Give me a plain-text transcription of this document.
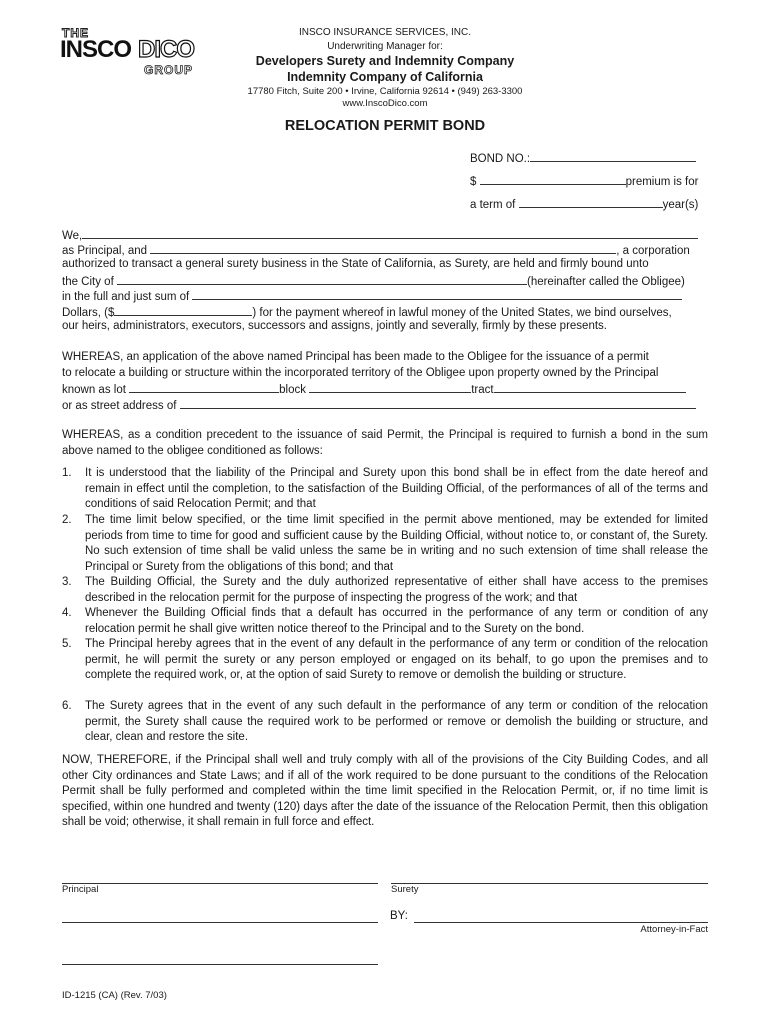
THE
INSCO DICO
GROUP
INSCO INSURANCE SERVICES, INC.
Underwriting Manager for:
Developers Surety and Indemnity Company
Indemnity Company of California
17780 Fitch, Suite 200 • Irvine, California 92614 • (949) 263-3300
www.InscoDico.com
RELOCATION PERMIT BOND
BOND NO.:
$	premium is for
a term of	year(s)
We,
as Principal, and	, a corporation
authorized to transact a general surety business in the State of California, as Surety, are held and firmly bound unto
the City of	(hereinafter called the Obligee)
in the full and just sum of
Dollars, ($	) for the payment whereof in lawful money of the United States, we bind ourselves,
our heirs, administrators, executors, successors and assigns, jointly and severally, firmly by these presents.
WHEREAS, an application of the above named Principal has been made to the Obligee for the issuance of a permit
to relocate a building or structure within the incorporated territory of the Obligee upon property owned by the Principal
known as lot	block	tract
or as street address of
WHEREAS, as a condition precedent to the issuance of said Permit, the Principal is required to furnish a bond in the sum above named to the obligee conditioned as follows:
1.	It is understood that the liability of the Principal and Surety upon this bond shall be in effect from the date hereof and remain in effect until the completion, to the satisfaction of the Building Official, of the performances of all of the terms and conditions of said Relocation Permit; and that
2.	The time limit below specified, or the time limit specified in the permit above mentioned, may be extended for limited periods from time to time for good and sufficient cause by the Building Official, without notice to, or constant of, the Surety. No such extension of time shall be valid unless the same be in writing and no such extension of time shall release the Principal or Surety from the obligations of this bond; and that
3.	The Building Official, the Surety and the duly authorized representative of either shall have access to the premises described in the relocation permit for the purpose of inspecting the progress of the work; and that
4.	Whenever the Building Official finds that a default has occurred in the performance of any term or condition of any relocation permit he shall give written notice thereof to the Principal and to the Surety on the bond.
5.	The Principal hereby agrees that in the event of any default in the performance of any term or condition of the relocation permit, he will permit the surety or any person employed or engaged on its behalf, to go upon the premises and to complete the required work, or, at the option of said Surety to remove or demolish the building or structure.
6.	The Surety agrees that in the event of any such default in the performance of any term or condition of the relocation permit, the Surety shall cause the required work to be performed or remove or demolish the building or structure, and clear, clean and restore the site.
NOW, THEREFORE, if the Principal shall well and truly comply with all of the provisions of the City Building Codes, and all other City ordinances and State Laws; and if all of the work required to be done pursuant to the conditions of the Relocation Permit shall be fully performed and completed within the time limit specified in the Relocation Permit, or, if no time limit is specified, within one hundred and twenty (120) days after the date of the issuance of the Relocation Permit, then this obligation shall be void; otherwise, it shall remain in full force and effect.
Principal	Surety
BY:
Attorney-in-Fact
ID-1215 (CA) (Rev. 7/03)
